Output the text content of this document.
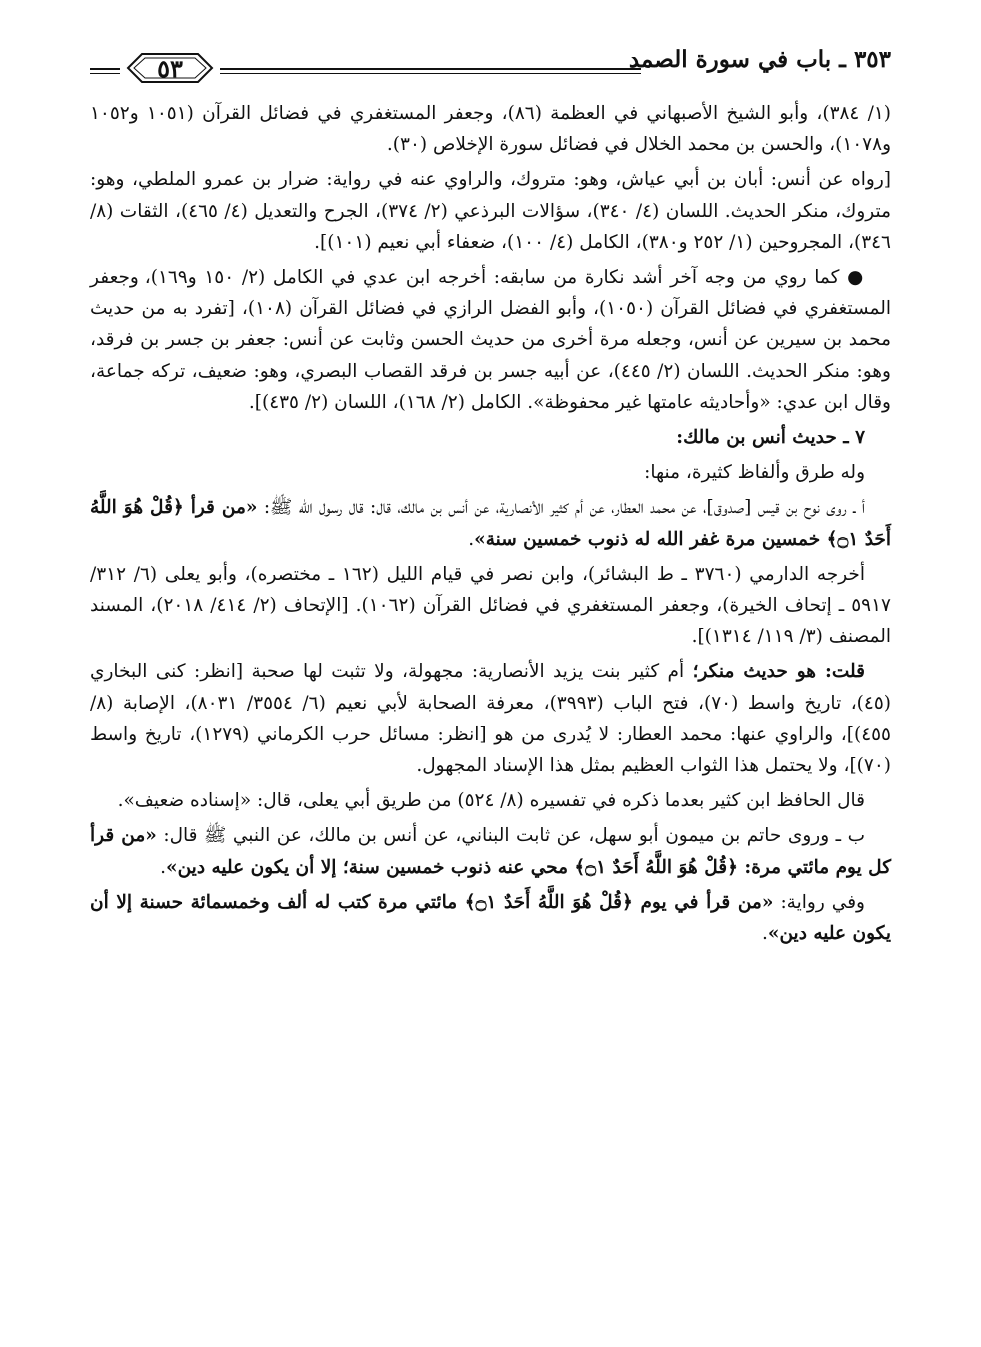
٣٥٣ ـ باب في سورة الصمد
٥٣

(١/ ٣٨٤)، وأبو الشيخ الأصبهاني في العظمة (٨٦)، وجعفر المستغفري في فضائل القرآن (١٠٥١ و١٠٥٢ و١٠٧٨)، والحسن بن محمد الخلال في فضائل سورة الإخلاص (٣٠).

[رواه عن أنس: أبان بن أبي عياش، وهو: متروك، والراوي عنه في رواية: ضرار بن عمرو الملطي، وهو: متروك، منكر الحديث. اللسان (٤/ ٣٤٠)، سؤالات البرذعي (٢/ ٣٧٤)، الجرح والتعديل (٤/ ٤٦٥)، الثقات (٨/ ٣٤٦)، المجروحين (١/ ٢٥٢ و٣٨٠)، الكامل (٤/ ١٠٠)، ضعفاء أبي نعيم (١٠١)].

● كما روي من وجه آخر أشد نكارة من سابقه: أخرجه ابن عدي في الكامل (٢/ ١٥٠ و١٦٩)، وجعفر المستغفري في فضائل القرآن (١٠٥٠)، وأبو الفضل الرازي في فضائل القرآن (١٠٨)، [تفرد به من حديث محمد بن سيرين عن أنس، وجعله مرة أخرى من حديث الحسن وثابت عن أنس: جعفر بن جسر بن فرقد، وهو: منكر الحديث. اللسان (٢/ ٤٤٥)، عن أبيه جسر بن فرقد القصاب البصري، وهو: ضعيف، تركه جماعة، وقال ابن عدي: «وأحاديثه عامتها غير محفوظة». الكامل (٢/ ١٦٨)، اللسان (٢/ ٤٣٥)].

٧ ـ حديث أنس بن مالك:

وله طرق وألفاظ كثيرة، منها:

أ ـ روى نوح بن قيس [صدوق]، عن محمد العطار، عن أم كثير الأنصارية، عن أنس بن مالك، قال: قال رسول الله ﷺ: «من قرأ ﴿قُلْ هُوَ اللَّهُ أَحَدٌ ۝١﴾ خمسين مرة غفر الله له ذنوب خمسين سنة».

أخرجه الدارمي (٣٧٦٠ ـ ط البشائر)، وابن نصر في قيام الليل (١٦٢ ـ مختصره)، وأبو يعلى (٦/ ٣١٢/ ٥٩١٧ ـ إتحاف الخيرة)، وجعفر المستغفري في فضائل القرآن (١٠٦٢). [الإتحاف (٢/ ٤١٤/ ٢٠١٨)، المسند المصنف (٣/ ١١٩/ ١٣١٤)].

قلت: هو حديث منكر؛ أم كثير بنت يزيد الأنصارية: مجهولة، ولا تثبت لها صحبة [انظر: كنى البخاري (٤٥)، تاريخ واسط (٧٠)، فتح الباب (٣٩٩٣)، معرفة الصحابة لأبي نعيم (٦/ ٣٥٥٤/ ٨٠٣١)، الإصابة (٨/ ٤٥٥)]، والراوي عنها: محمد العطار: لا يُدرى من هو [انظر: مسائل حرب الكرماني (١٢٧٩)، تاريخ واسط (٧٠)]، ولا يحتمل هذا الثواب العظيم بمثل هذا الإسناد المجهول.

قال الحافظ ابن كثير بعدما ذكره في تفسيره (٨/ ٥٢٤) من طريق أبي يعلى، قال: «إسناده ضعيف».

ب ـ وروى حاتم بن ميمون أبو سهل، عن ثابت البناني، عن أنس بن مالك، عن النبي ﷺ قال: «من قرأ كل يوم مائتي مرة: ﴿قُلْ هُوَ اللَّهُ أَحَدٌ ۝١﴾ محي عنه ذنوب خمسين سنة؛ إلا أن يكون عليه دين».

وفي رواية: «من قرأ في يوم ﴿قُلْ هُوَ اللَّهُ أَحَدٌ ۝١﴾ مائتي مرة كتب له ألف وخمسمائة حسنة إلا أن يكون عليه دين».
